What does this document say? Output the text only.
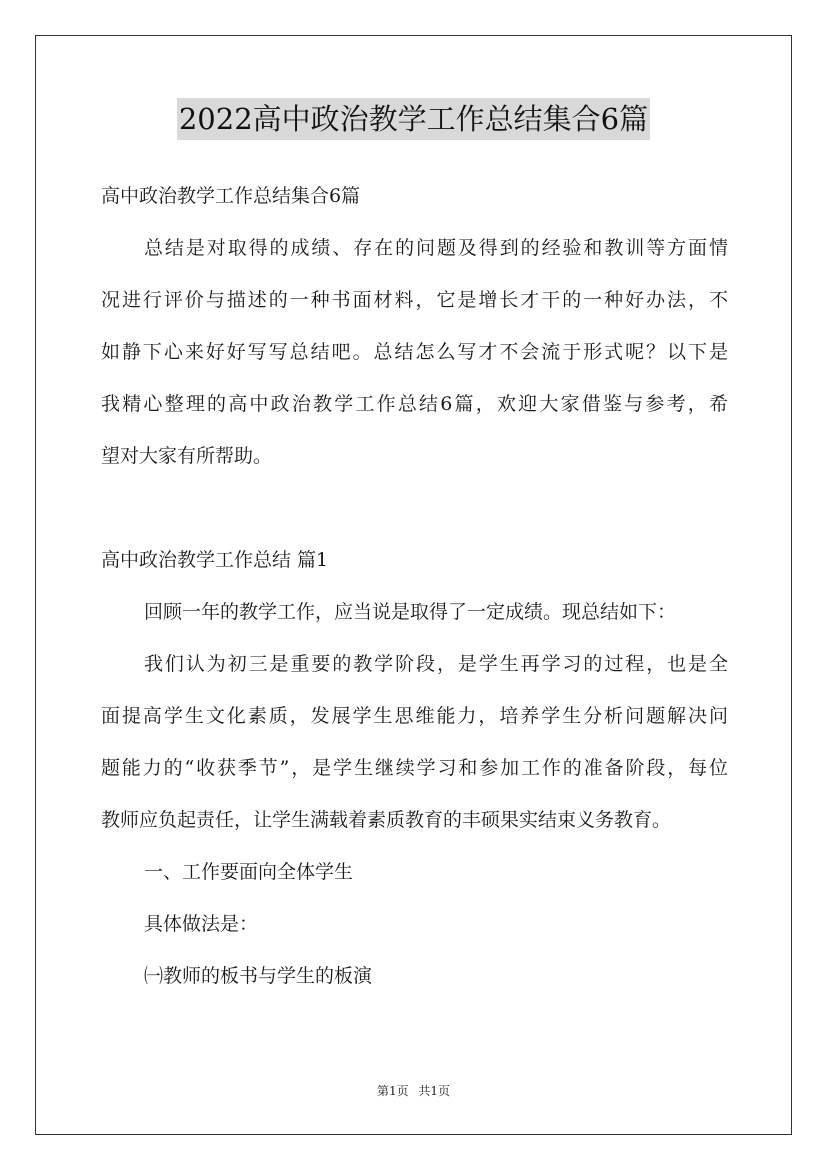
2022高中政治教学工作总结集合6篇
高中政治教学工作总结集合6篇
总结是对取得的成绩、存在的问题及得到的经验和教训等方面情
况进行评价与描述的一种书面材料，它是增长才干的一种好办法，不
如静下心来好好写写总结吧。总结怎么写才不会流于形式呢？以下是
我精心整理的高中政治教学工作总结6篇，欢迎大家借鉴与参考，希
望对大家有所帮助。
高中政治教学工作总结 篇1
回顾一年的教学工作，应当说是取得了一定成绩。现总结如下：
我们认为初三是重要的教学阶段，是学生再学习的过程，也是全
面提高学生文化素质，发展学生思维能力，培养学生分析问题解决问
题能力的“收获季节”，是学生继续学习和参加工作的准备阶段，每位
教师应负起责任，让学生满载着素质教育的丰硕果实结束义务教育。
一、工作要面向全体学生
具体做法是：
㈠教师的板书与学生的板演
第1页 共1页
